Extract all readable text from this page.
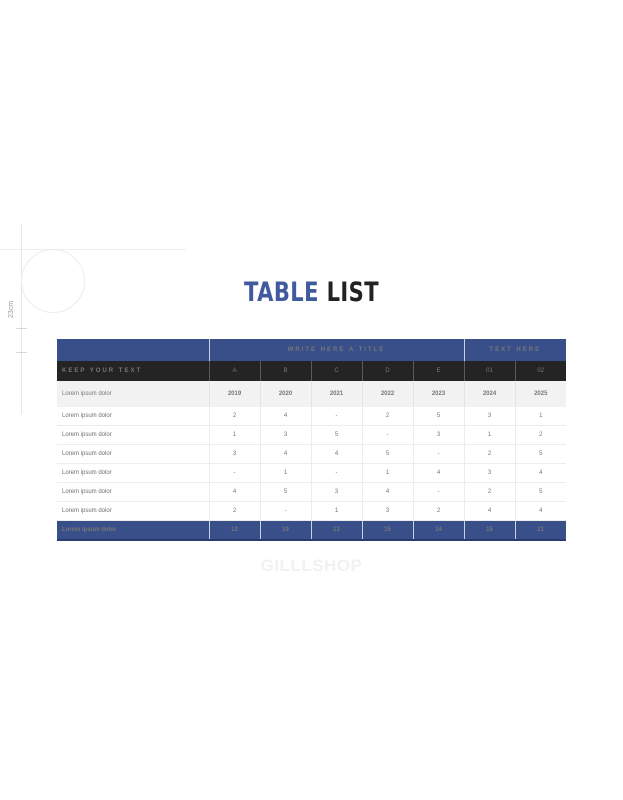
23cm
TABLE LIST
	WRITE HERE A TITLE					TEXT HERE	
KEEP YOUR TEXT	A	B	C	D	E	01	02
Lorem ipsum dolor	2019	2020	2021	2022	2023	2024	2025
Lorem ipsum dolor	2	4	-	2	5	3	1
Lorem ipsum dolor	1	3	5	-	3	1	2
Lorem ipsum dolor	3	4	4	5	-	2	5
Lorem ipsum dolor	-	1	-	1	4	3	4
Lorem ipsum dolor	4	5	3	4	-	2	5
Lorem ipsum dolor	2	-	1	3	2	4	4
Lorem ipsum dolor	12	19	13	15	14	15	21
GILLLSHOP
